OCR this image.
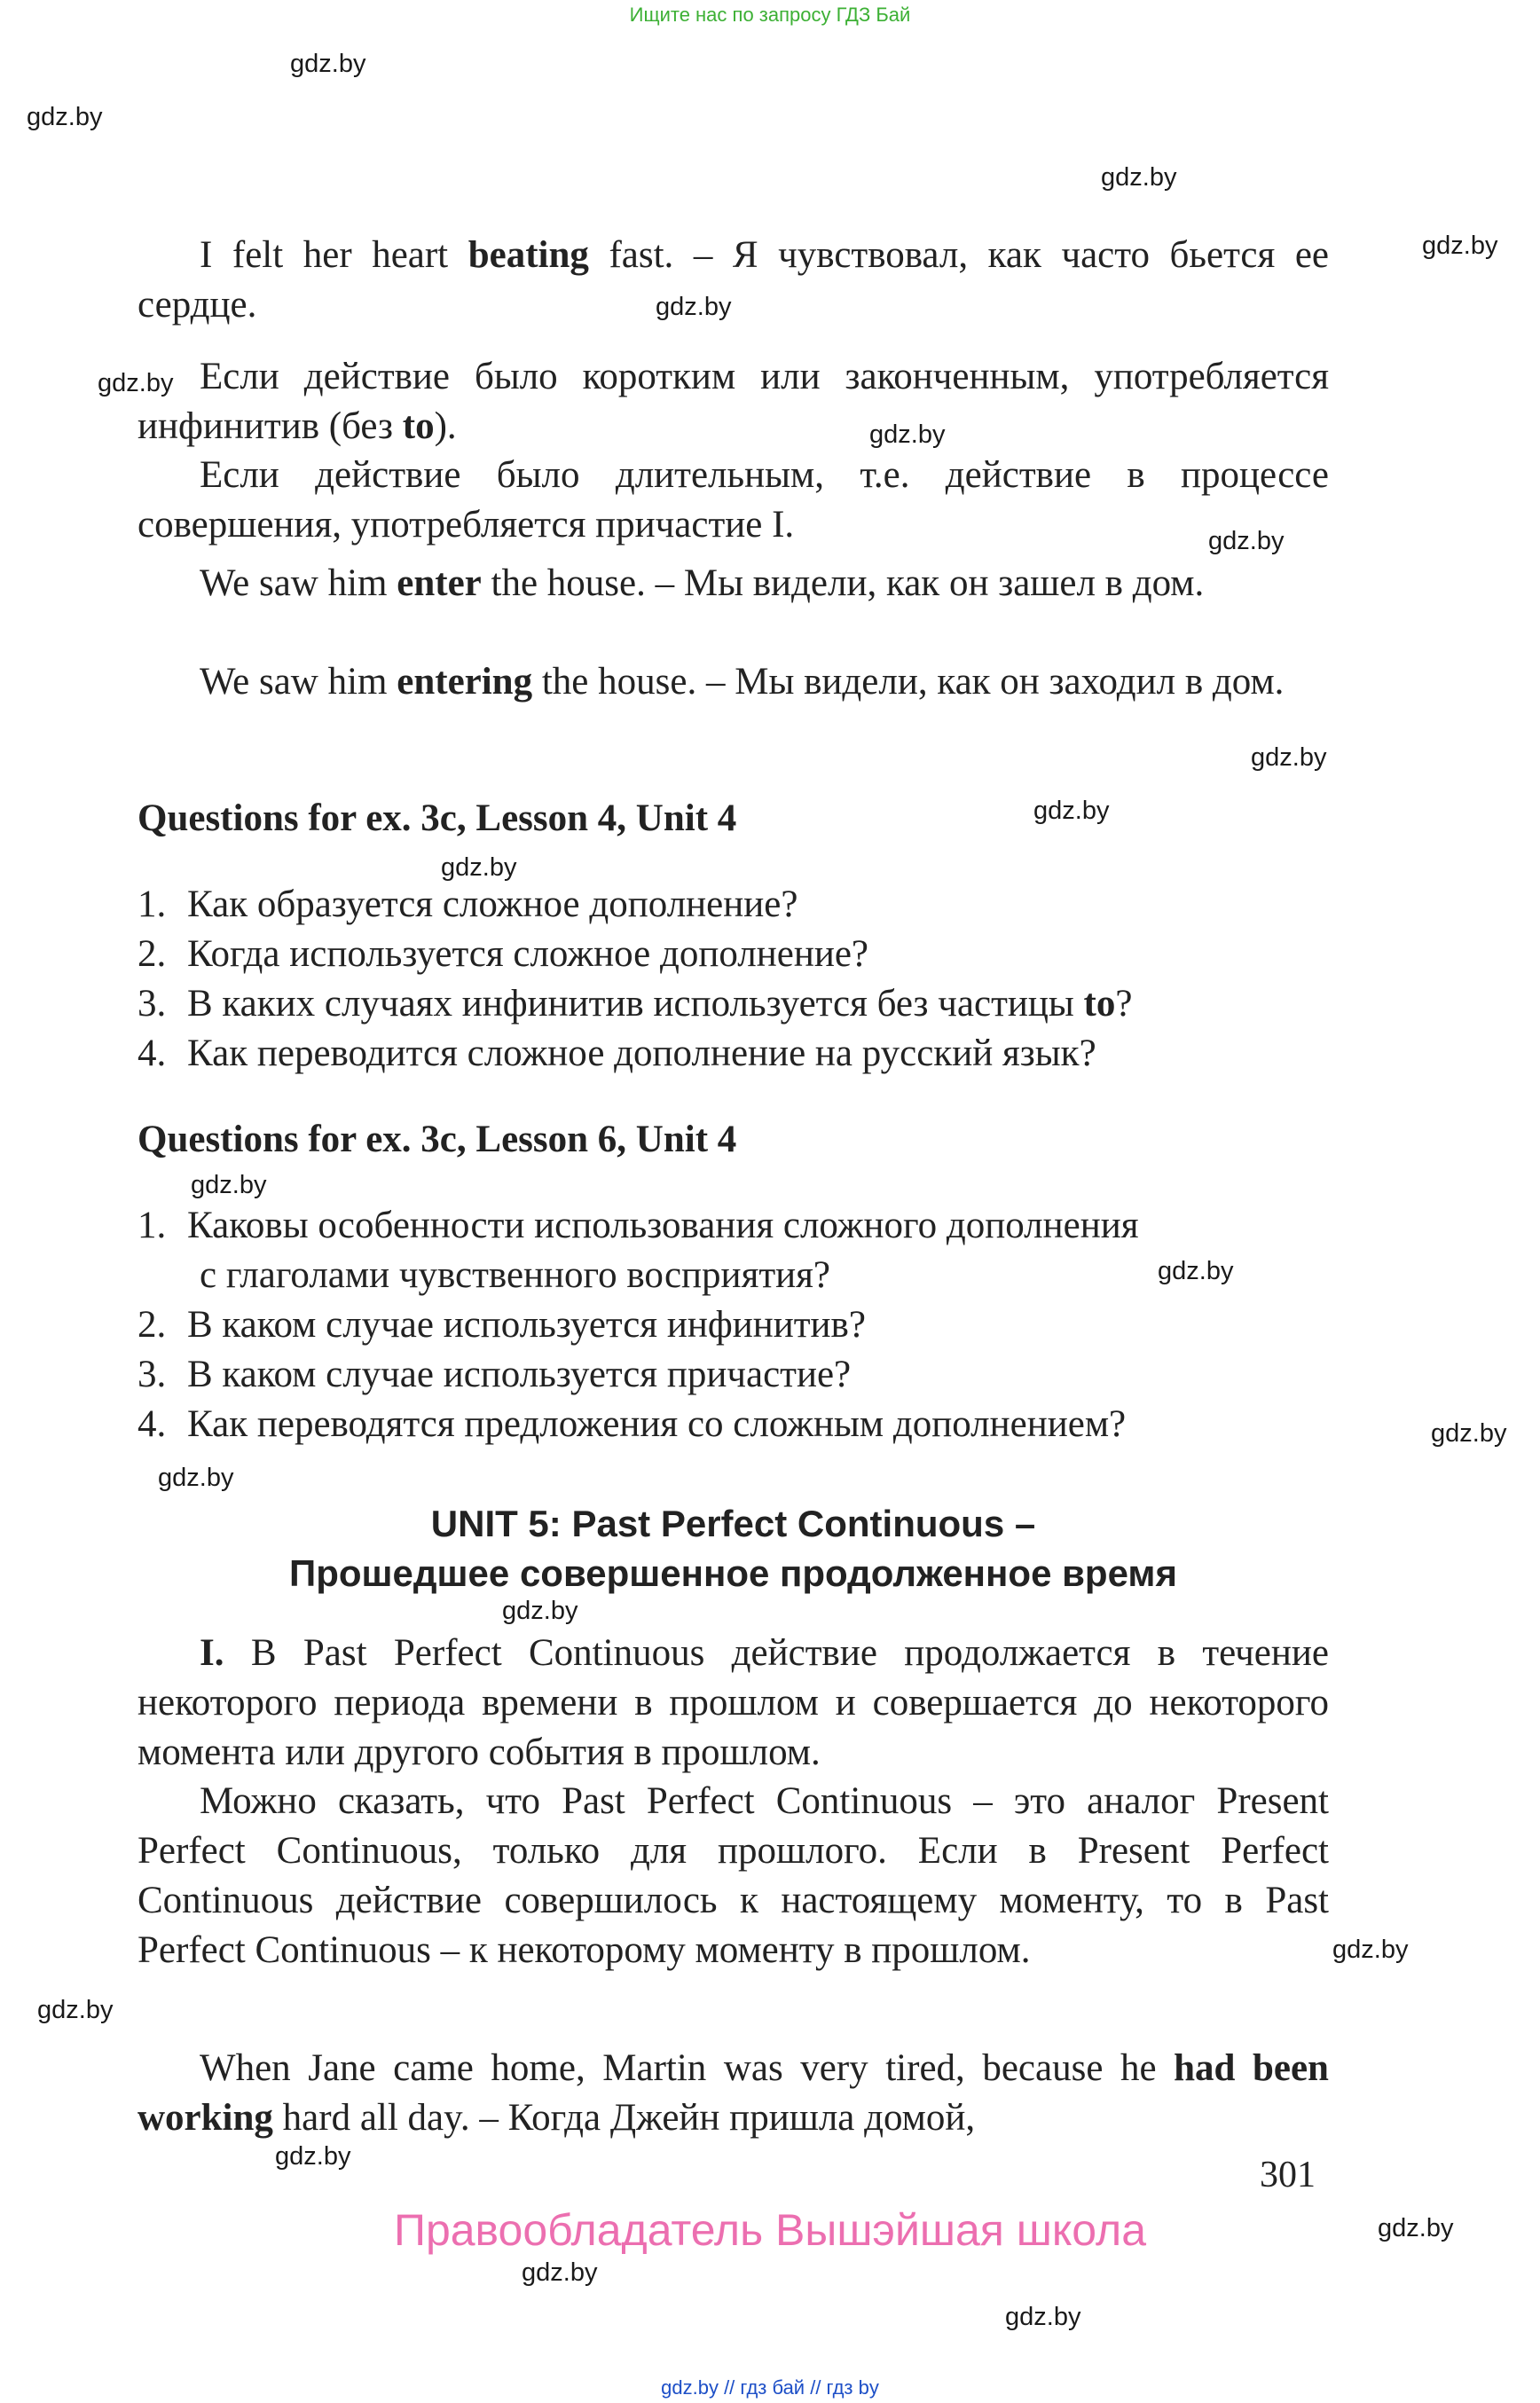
Ищите нас по запросу ГДЗ Бай
gdz.by
gdz.by
gdz.by
gdz.by
gdz.by
gdz.by
gdz.by
gdz.by
gdz.by
gdz.by
gdz.by
gdz.by
gdz.by
gdz.by
gdz.by
gdz.by
gdz.by
gdz.by
gdz.by
gdz.by
gdz.by
gdz.by
I felt her heart beating fast. – Я чувствовал, как часто бьется ее сердце.
Если действие было коротким или законченным, употребляется инфинитив (без to).
Если действие было длительным, т.е. действие в процессе совершения, употребляется причастие I.
We saw him enter the house. – Мы видели, как он зашел в дом.
We saw him entering the house. – Мы видели, как он заходил в дом.
Questions for ex. 3c, Lesson 4, Unit 4
1. Как образуется сложное дополнение?
2. Когда используется сложное дополнение?
3. В каких случаях инфинитив используется без частицы to?
4. Как переводится сложное дополнение на русский язык?
Questions for ex. 3c, Lesson 6, Unit 4
1. Каковы особенности использования сложного дополнения
с глаголами чувственного восприятия?
2. В каком случае используется инфинитив?
3. В каком случае используется причастие?
4. Как переводятся предложения со сложным дополнением?
UNIT 5: Past Perfect Continuous –
Прошедшее совершенное продолженное время
I. В Past Perfect Continuous действие продолжается в течение некоторого периода времени в прошлом и совершается до некоторого момента или другого события в прошлом.
Можно сказать, что Past Perfect Continuous – это аналог Present Perfect Continuous, только для прошлого. Если в Present Perfect Continuous действие совершилось к настоящему моменту, то в Past Perfect Continuous – к некоторому моменту в прошлом.
When Jane came home, Martin was very tired, because he had been working hard all day. – Когда Джейн пришла домой,
301
Правообладатель Вышэйшая школа
gdz.by // гдз бай // гдз by
